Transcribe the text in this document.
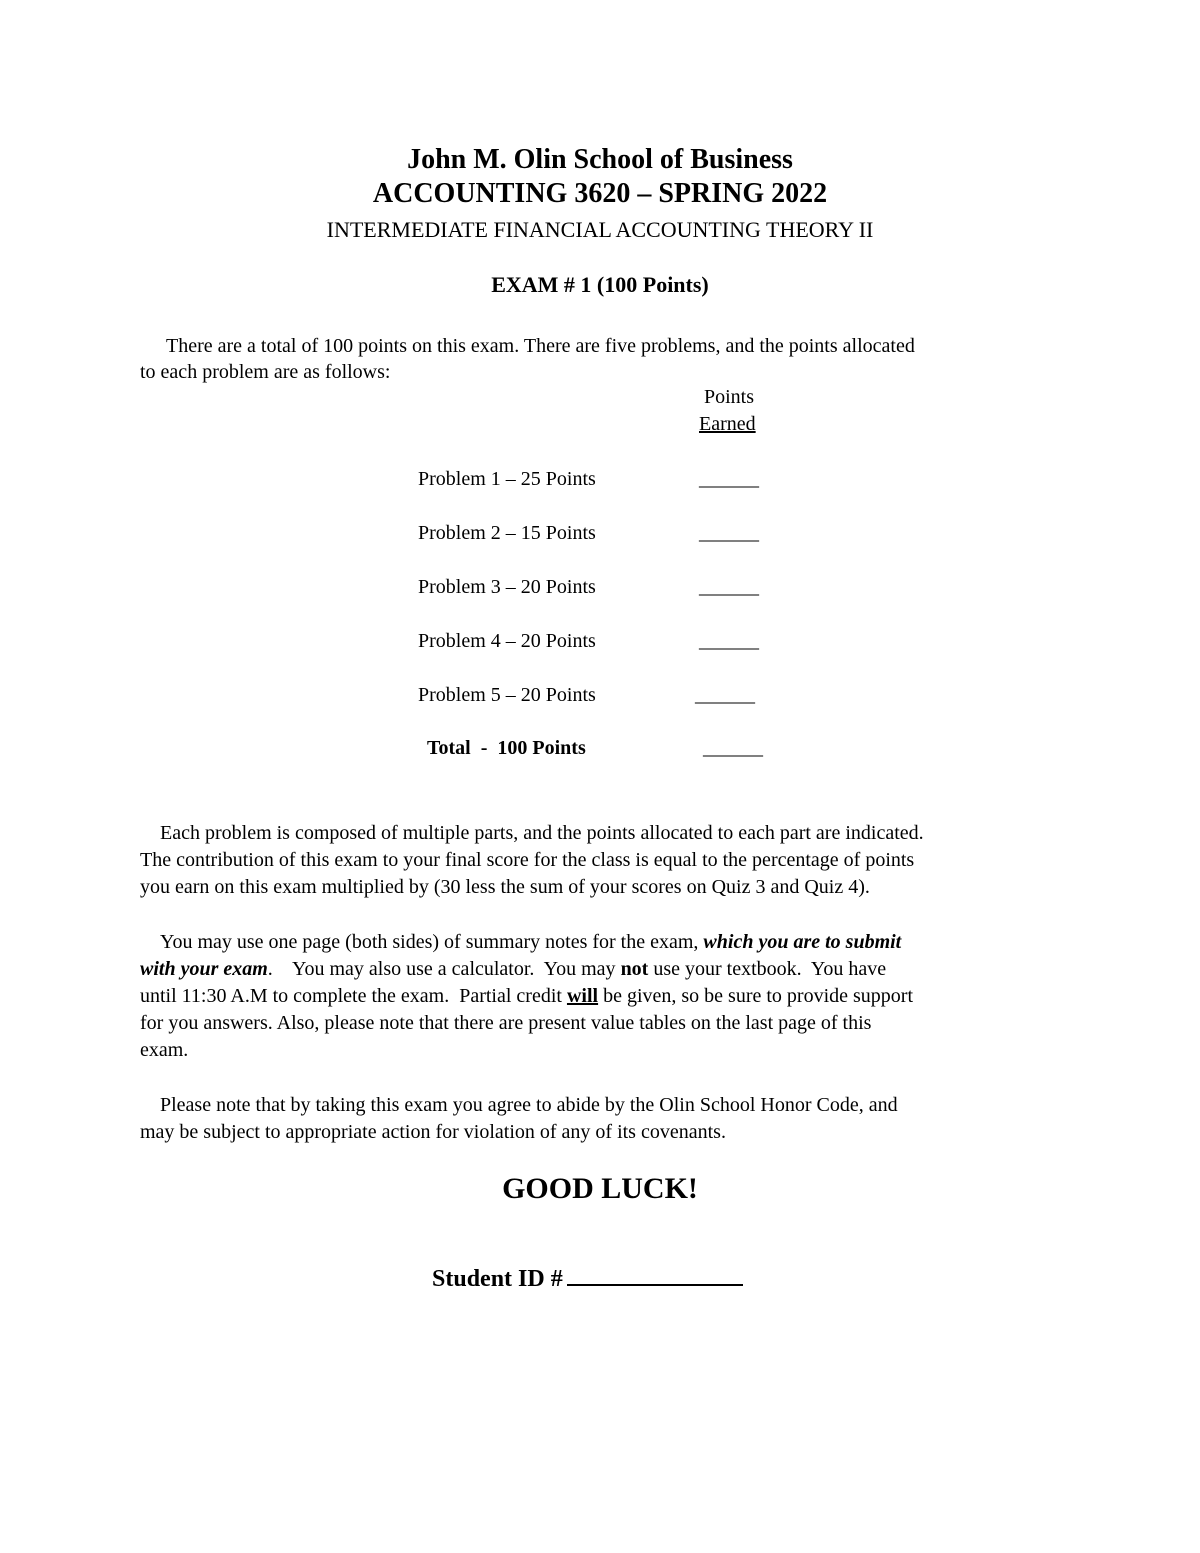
John M. Olin School of Business
ACCOUNTING 3620 – SPRING 2022
INTERMEDIATE FINANCIAL ACCOUNTING THEORY II
EXAM # 1 (100 Points)
There are a total of 100 points on this exam. There are five problems, and the points allocated
to each problem are as follows:
Points
Earned
Problem 1 – 25 Points	______
Problem 2 – 15 Points	______
Problem 3 – 20 Points	______
Problem 4 – 20 Points	______
Problem 5 – 20 Points	______
Total  -  100 Points	______
Each problem is composed of multiple parts, and the points allocated to each part are indicated.
The contribution of this exam to your final score for the class is equal to the percentage of points
you earn on this exam multiplied by (30 less the sum of your scores on Quiz 3 and Quiz 4).
You may use one page (both sides) of summary notes for the exam, which you are to submit
with your exam.    You may also use a calculator.  You may not use your textbook.  You have
until 11:30 A.M to complete the exam.  Partial credit will be given, so be sure to provide support
for you answers. Also, please note that there are present value tables on the last page of this
exam.
Please note that by taking this exam you agree to abide by the Olin School Honor Code, and
may be subject to appropriate action for violation of any of its covenants.
GOOD LUCK!
Student ID #
